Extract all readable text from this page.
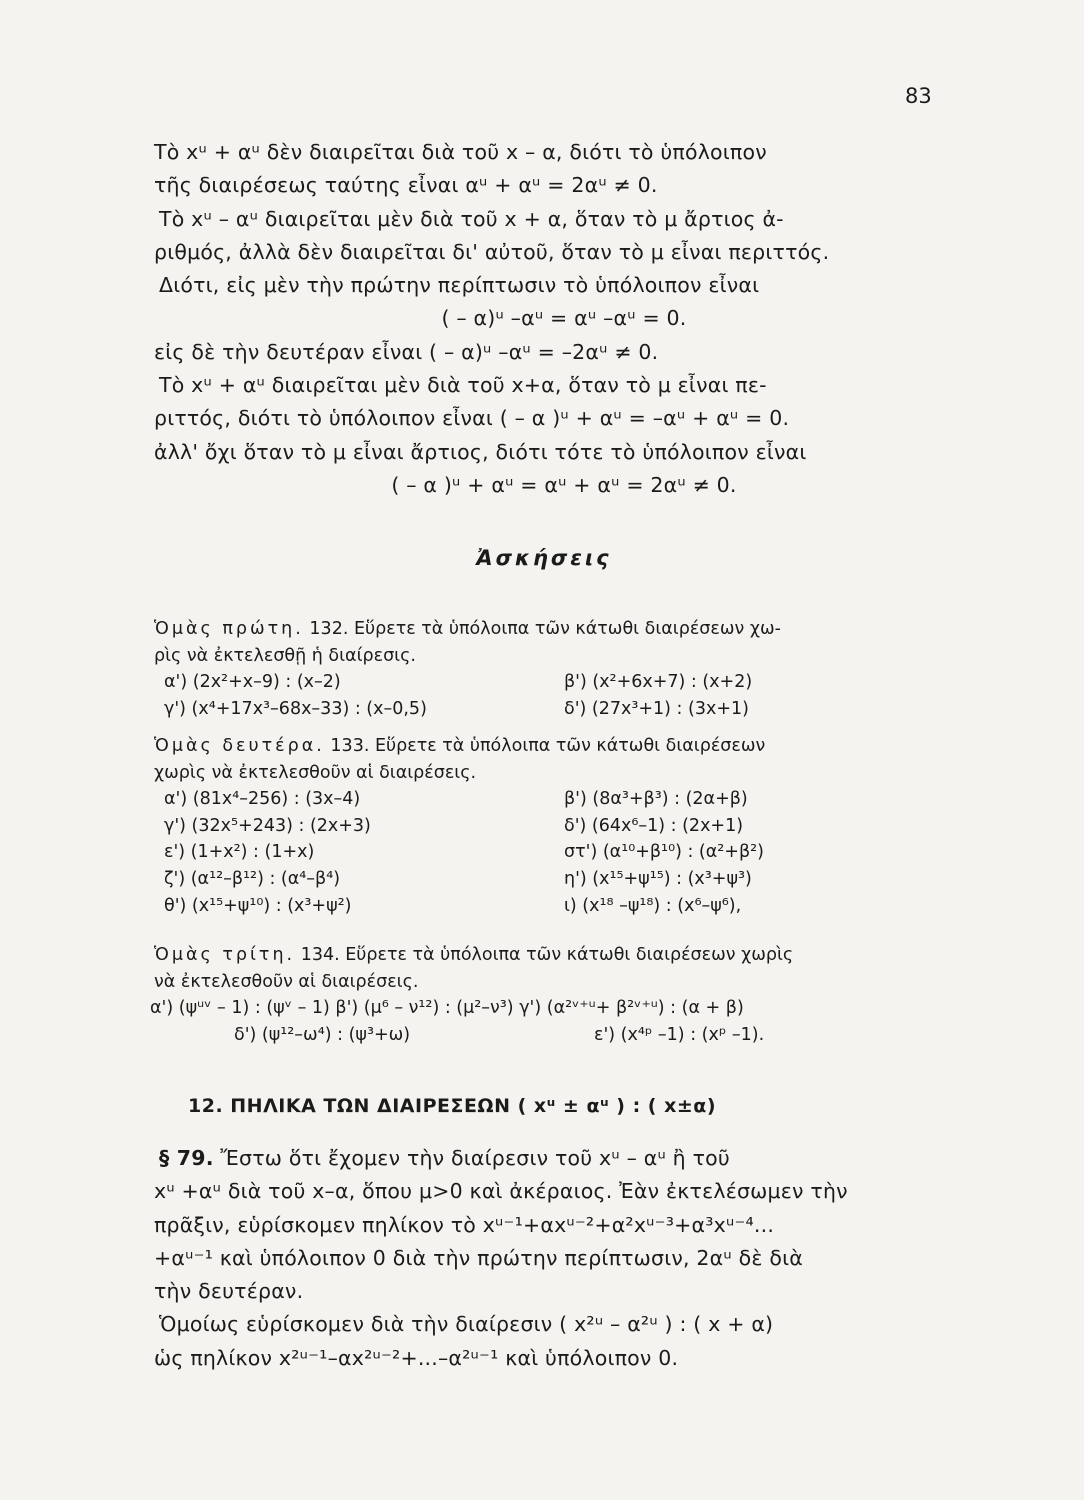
83
Τὸ xᵘ + αᵘ δὲν διαιρεῖται διὰ τοῦ x – α, διότι τὸ ὑπόλοιπον
τῆς διαιρέσεως ταύτης εἶναι αᵘ + αᵘ = 2αᵘ ≠ 0.
Τὸ xᵘ – αᵘ διαιρεῖται μὲν διὰ τοῦ x + α, ὅταν τὸ μ ἄρτιος ἀ-
ριθμός, ἀλλὰ δὲν διαιρεῖται δι' αὐτοῦ, ὅταν τὸ μ εἶναι περιττός.
Διότι, εἰς μὲν τὴν πρώτην περίπτωσιν τὸ ὑπόλοιπον εἶναι
( – α)ᵘ –αᵘ = αᵘ –αᵘ = 0.
εἰς δὲ τὴν δευτέραν εἶναι ( – α)ᵘ –αᵘ = –2αᵘ ≠ 0.
Τὸ xᵘ + αᵘ διαιρεῖται μὲν διὰ τοῦ x+α, ὅταν τὸ μ εἶναι πε-
ριττός, διότι τὸ ὑπόλοιπον εἶναι ( – α )ᵘ + αᵘ = –αᵘ + αᵘ = 0.
ἀλλ' ὄχι ὅταν τὸ μ εἶναι ἄρτιος, διότι τότε τὸ ὑπόλοιπον εἶναι
( – α )ᵘ + αᵘ = αᵘ + αᵘ = 2αᵘ ≠ 0.
Ἀσκήσεις
Ὁμὰς πρώτη. 132. Εὕρετε τὰ ὑπόλοιπα τῶν κάτωθι διαιρέσεων χω-
ρὶς νὰ ἐκτελεσθῇ ἡ διαίρεσις.
α') (2x²+x–9) : (x–2)	β') (x²+6x+7) : (x+2)
γ') (x⁴+17x³–68x–33) : (x–0,5)	δ') (27x³+1) : (3x+1)
Ὁμὰς δευτέρα. 133. Εὕρετε τὰ ὑπόλοιπα τῶν κάτωθι διαιρέσεων
χωρὶς νὰ ἐκτελεσθοῦν αἱ διαιρέσεις.
α') (81x⁴–256) : (3x–4)	β') (8α³+β³) : (2α+β)
γ') (32x⁵+243) : (2x+3)	δ') (64x⁶–1) : (2x+1)
ε') (1+x²) : (1+x)	στ') (α¹⁰+β¹⁰) : (α²+β²)
ζ') (α¹²–β¹²) : (α⁴–β⁴)	η') (x¹⁵+ψ¹⁵) : (x³+ψ³)
θ') (x¹⁵+ψ¹⁰) : (x³+ψ²)	ι) (x¹⁸ –ψ¹⁸) : (x⁶–ψ⁶),
Ὁμὰς τρίτη. 134. Εὕρετε τὰ ὑπόλοιπα τῶν κάτωθι διαιρέσεων χωρὶς
νὰ ἐκτελεσθοῦν αἱ διαιρέσεις.
α') (ψᵘᵛ – 1) : (ψᵛ – 1) β') (μ⁶ – ν¹²) : (μ²–ν³) γ') (α²ᵛ⁺ᵘ+ β²ᵛ⁺ᵘ) : (α + β)
δ') (ψ¹²–ω⁴) : (ψ³+ω)	ε') (x⁴ᵖ –1) : (xᵖ –1).
12. ΠΗΛΙΚΑ ΤΩΝ ΔΙΑΙΡΕΣΕΩΝ ( xᵘ ± αᵘ ) : ( x±α)
§ 79. Ἔστω ὅτι ἔχομεν τὴν διαίρεσιν τοῦ xᵘ – αᵘ ἢ τοῦ
xᵘ +αᵘ διὰ τοῦ x–α, ὅπου μ>0 καὶ ἀκέραιος. Ἐὰν ἐκτελέσωμεν τὴν
πρᾶξιν, εὑρίσκομεν πηλίκον τὸ xᵘ⁻¹+αxᵘ⁻²+α²xᵘ⁻³+α³xᵘ⁻⁴...
+αᵘ⁻¹ καὶ ὑπόλοιπον 0 διὰ τὴν πρώτην περίπτωσιν, 2αᵘ δὲ διὰ
τὴν δευτέραν.
Ὁμοίως εὑρίσκομεν διὰ τὴν διαίρεσιν ( x²ᵘ – α²ᵘ ) : ( x + α)
ὡς πηλίκον x²ᵘ⁻¹–αx²ᵘ⁻²+...–α²ᵘ⁻¹ καὶ ὑπόλοιπον 0.
